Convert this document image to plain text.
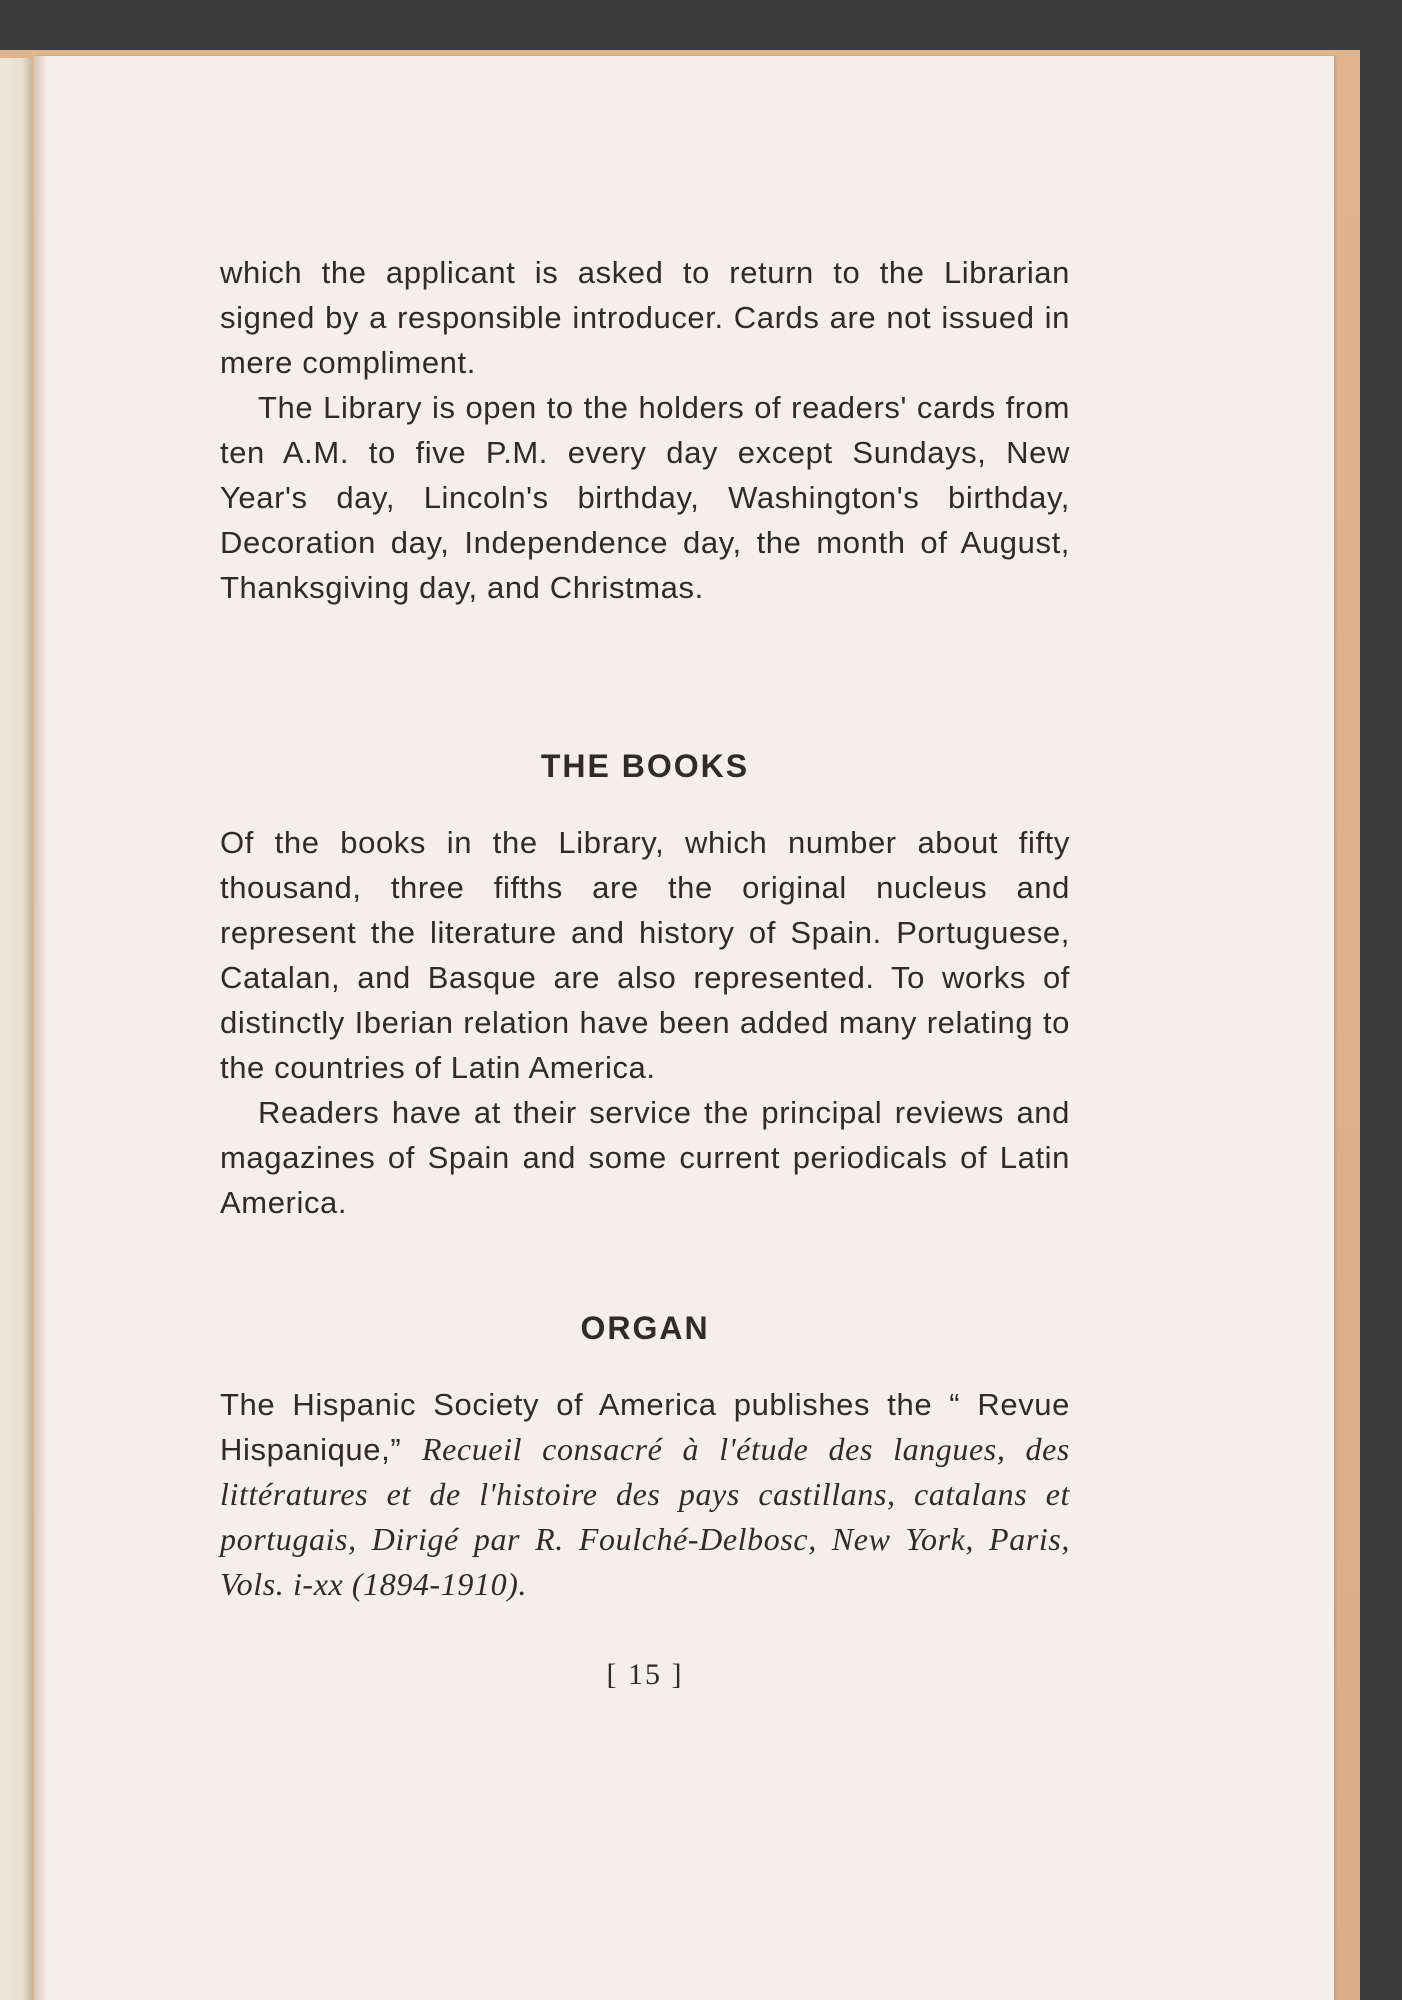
which the applicant is asked to return to the Librarian signed by a responsible introducer. Cards are not issued in mere compliment.

The Library is open to the holders of readers' cards from ten A.M. to five P.M. every day except Sundays, New Year's day, Lincoln's birthday, Washington's birthday, Decoration day, Independence day, the month of August, Thanksgiving day, and Christmas.

THE BOOKS

Of the books in the Library, which number about fifty thousand, three fifths are the original nucleus and represent the literature and history of Spain. Portuguese, Catalan, and Basque are also represented. To works of distinctly Iberian relation have been added many relating to the countries of Latin America.

Readers have at their service the principal reviews and magazines of Spain and some current periodicals of Latin America.

ORGAN

The Hispanic Society of America publishes the “ Revue Hispanique,” Recueil consacré à l'étude des langues, des littératures et de l'histoire des pays castillans, catalans et portugais, Dirigé par R. Foulché-Delbosc, New York, Paris, Vols. i-xx (1894-1910).

[ 15 ]
